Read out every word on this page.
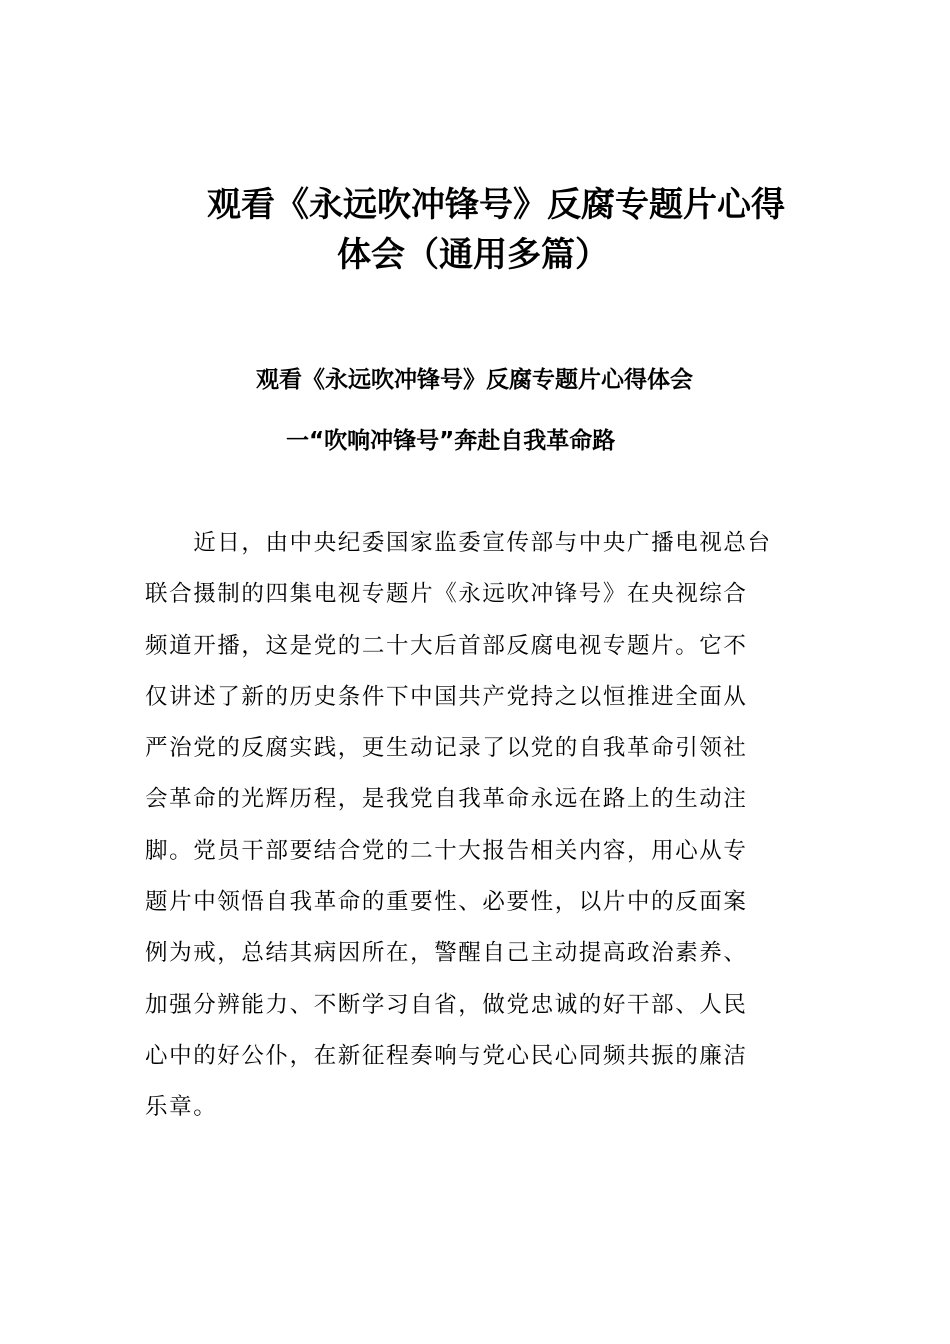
观看《永远吹冲锋号》反腐专题片心得
体会（通用多篇）
观看《永远吹冲锋号》反腐专题片心得体会
一“吹响冲锋号”奔赴自我革命路
　　近日，由中央纪委国家监委宣传部与中央广播电视总台
联合摄制的四集电视专题片《永远吹冲锋号》在央视综合
频道开播，这是党的二十大后首部反腐电视专题片。它不
仅讲述了新的历史条件下中国共产党持之以恒推进全面从
严治党的反腐实践，更生动记录了以党的自我革命引领社
会革命的光辉历程，是我党自我革命永远在路上的生动注
脚。党员干部要结合党的二十大报告相关内容，用心从专
题片中领悟自我革命的重要性、必要性，以片中的反面案
例为戒，总结其病因所在，警醒自己主动提高政治素养、
加强分辨能力、不断学习自省，做党忠诚的好干部、人民
心中的好公仆，在新征程奏响与党心民心同频共振的廉洁
乐章。
